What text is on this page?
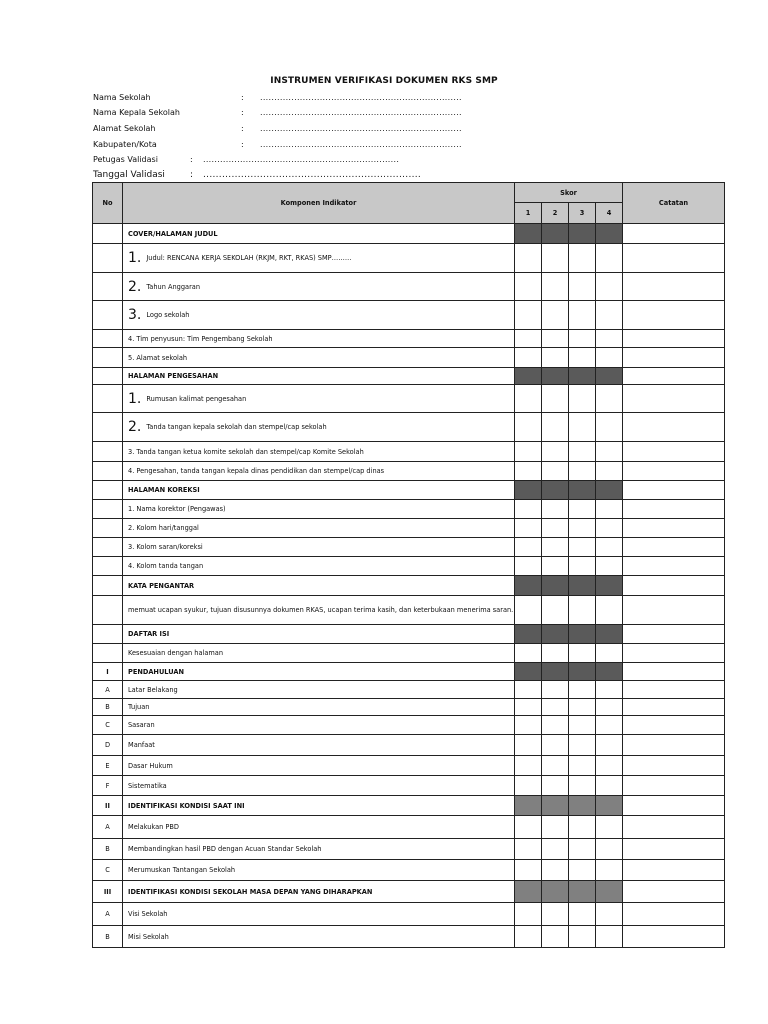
INSTRUMEN VERIFIKASI DOKUMEN RKS SMP
Nama Sekolah	: .......................................................................
Nama Kepala Sekolah	: .......................................................................
Alamat Sekolah	: .......................................................................
Kabupaten/Kota	: .......................................................................
Petugas Validasi	: .....................................................................
Tanggal Validasi	: .....................................................................
No	Komponen Indikator	Skor				Catatan
		1	2	3	4	
	COVER/HALAMAN JUDUL					
	1. Judul: RENCANA KERJA SEKOLAH (RKJM, RKT, RKAS) SMP………					
	2. Tahun Anggaran					
	3. Logo sekolah					
	4. Tim penyusun: Tim Pengembang Sekolah					
	5. Alamat sekolah					
	HALAMAN PENGESAHAN					
	1. Rumusan kalimat pengesahan					
	2. Tanda tangan kepala sekolah dan stempel/cap sekolah					
	3. Tanda tangan ketua komite sekolah dan stempel/cap Komite Sekolah					
	4. Pengesahan, tanda tangan kepala dinas pendidikan dan stempel/cap dinas					
	HALAMAN KOREKSI					
	1. Nama korektor (Pengawas)					
	2. Kolom hari/tanggal					
	3. Kolom saran/koreksi					
	4. Kolom tanda tangan					
	KATA PENGANTAR					
	memuat ucapan syukur, tujuan disusunnya dokumen RKAS, ucapan terima kasih, dan keterbukaan menerima saran.					
	DAFTAR ISI					
	Kesesuaian dengan halaman					
I	PENDAHULUAN					
A	Latar Belakang					
B	Tujuan					
C	Sasaran					
D	Manfaat					
E	Dasar Hukum					
F	Sistematika					
II	IDENTIFIKASI KONDISI SAAT INI					
A	Melakukan PBD					
B	Membandingkan hasil PBD dengan Acuan Standar Sekolah					
C	Merumuskan Tantangan Sekolah					
III	IDENTIFIKASI KONDISI SEKOLAH MASA DEPAN YANG DIHARAPKAN					
A	Visi Sekolah					
B	Misi Sekolah					
